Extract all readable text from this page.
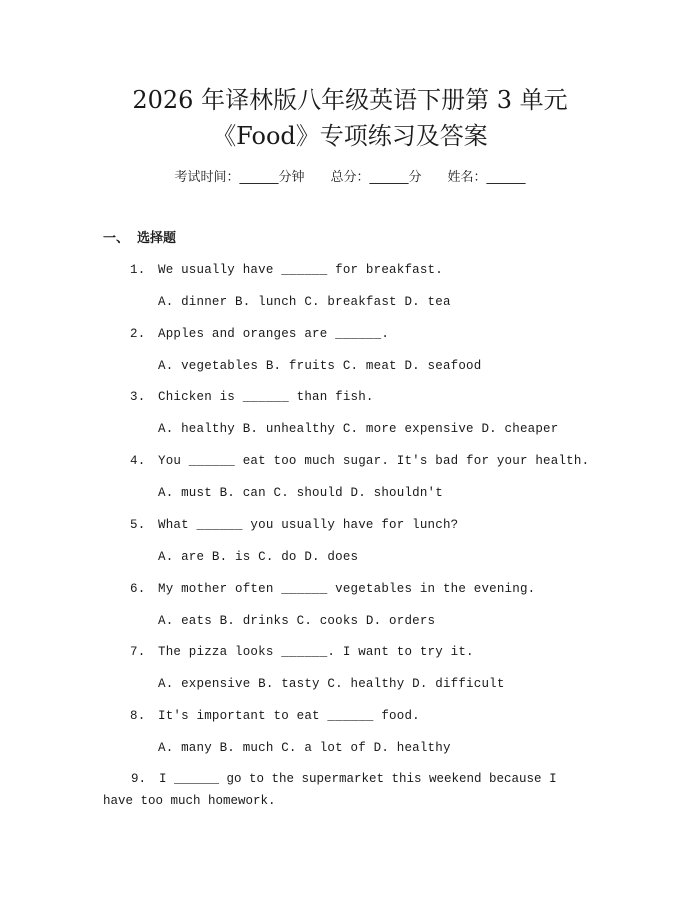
2026 年译林版八年级英语下册第 3 单元
《Food》专项练习及答案
考试时间：______分钟 总分：______分 姓名：______
一、 选择题
1.	We usually have ______ for breakfast.
A. dinner B. lunch C. breakfast D. tea
2.	Apples and oranges are ______.
A. vegetables B. fruits C. meat D. seafood
3.	Chicken is ______ than fish.
A. healthy B. unhealthy C. more expensive D. cheaper
4.	You ______ eat too much sugar. It's bad for your health.
A. must B. can C. should D. shouldn't
5.	What ______ you usually have for lunch?
A. are B. is C. do D. does
6.	My mother often ______ vegetables in the evening.
A. eats B. drinks C. cooks D. orders
7.	The pizza looks ______. I want to try it.
A. expensive B. tasty C. healthy D. difficult
8.	It's important to eat ______ food.
A. many B. much C. a lot of D. healthy
9. I ______ go to the supermarket this weekend because I have too much homework.
